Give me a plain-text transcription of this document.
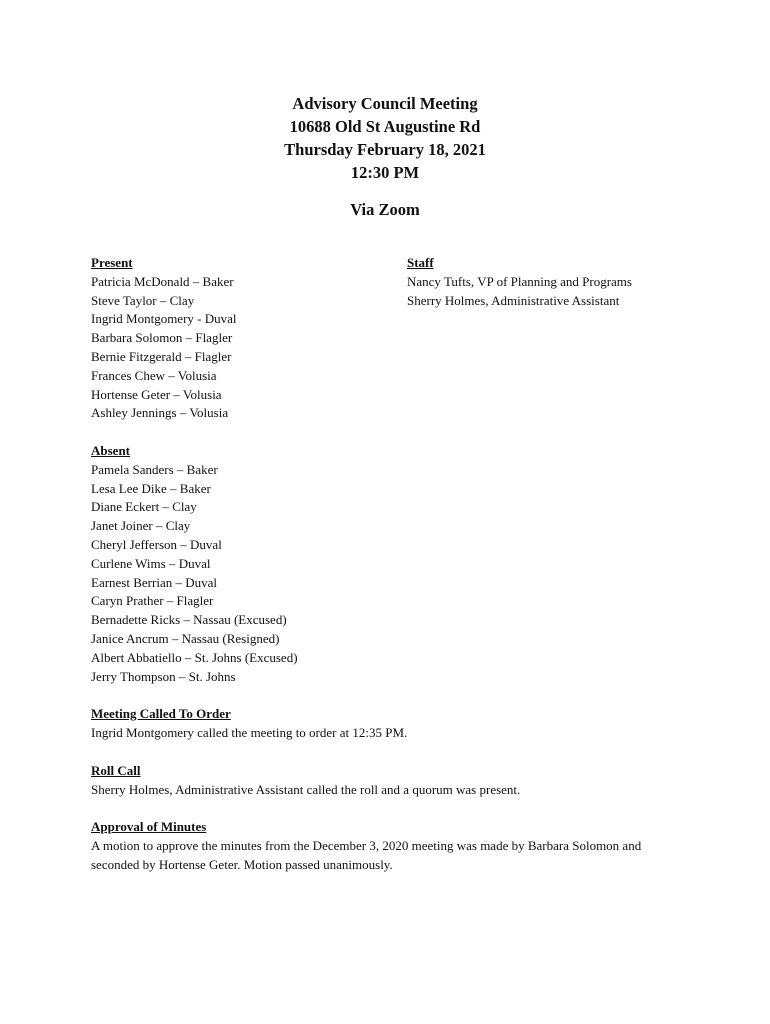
Advisory Council Meeting
10688 Old St Augustine Rd
Thursday February 18, 2021
12:30 PM
Via Zoom
Present
Patricia McDonald – Baker
Steve Taylor – Clay
Ingrid Montgomery - Duval
Barbara Solomon – Flagler
Bernie Fitzgerald – Flagler
Frances Chew – Volusia
Hortense Geter – Volusia
Ashley Jennings – Volusia
Staff
Nancy Tufts, VP of Planning and Programs
Sherry Holmes, Administrative Assistant
Absent
Pamela Sanders – Baker
Lesa Lee Dike – Baker
Diane Eckert – Clay
Janet Joiner – Clay
Cheryl Jefferson – Duval
Curlene Wims – Duval
Earnest Berrian – Duval
Caryn Prather – Flagler
Bernadette Ricks – Nassau (Excused)
Janice Ancrum – Nassau (Resigned)
Albert Abbatiello – St. Johns (Excused)
Jerry Thompson – St. Johns
Meeting Called To Order
Ingrid Montgomery called the meeting to order at 12:35 PM.
Roll Call
Sherry Holmes, Administrative Assistant called the roll and a quorum was present.
Approval of Minutes
A motion to approve the minutes from the December 3, 2020 meeting was made by Barbara Solomon and seconded by Hortense Geter. Motion passed unanimously.
